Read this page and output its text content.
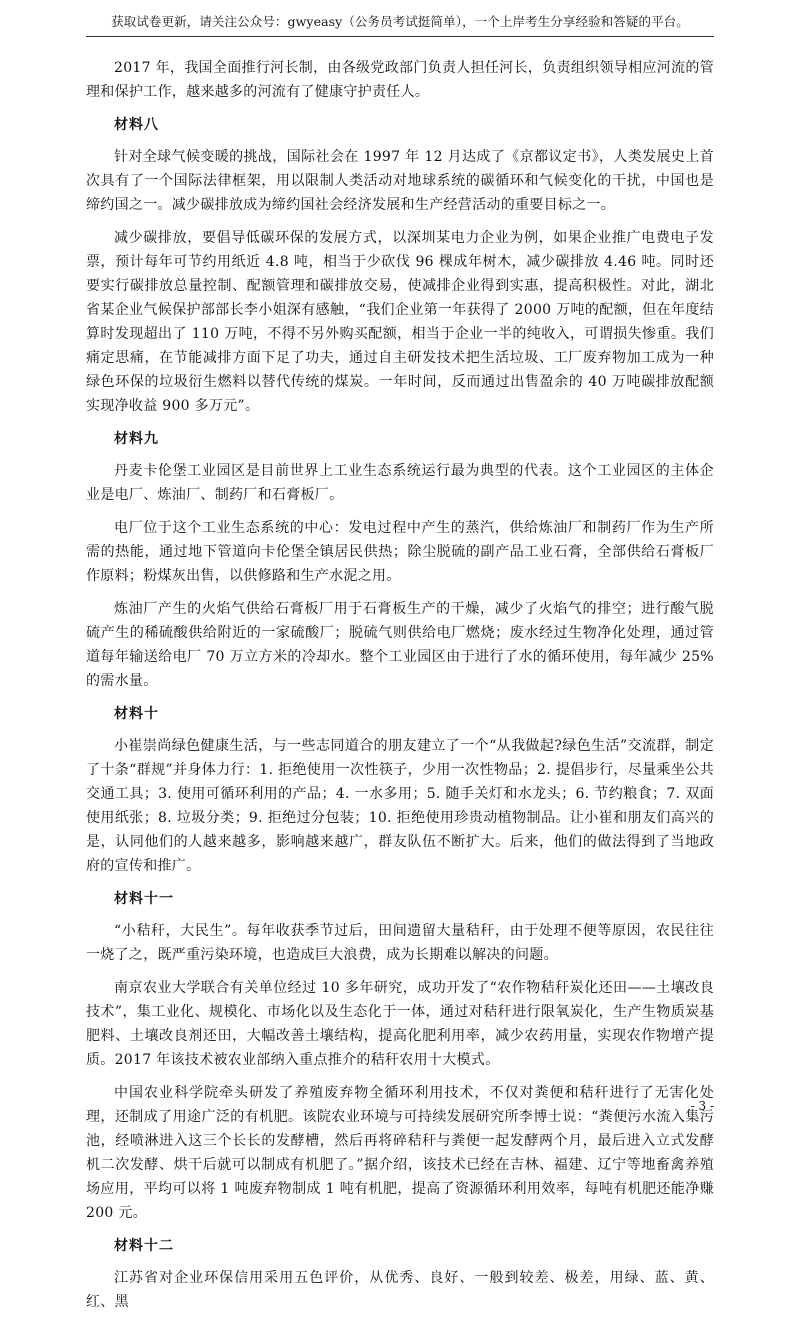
获取试卷更新，请关注公众号：gwyeasy（公务员考试挺简单），一个上岸考生分享经验和答疑的平台。

2017 年，我国全面推行河长制，由各级党政部门负责人担任河长，负责组织领导相应河流的管理和保护工作，越来越多的河流有了健康守护责任人。

材料八

针对全球气候变暖的挑战，国际社会在 1997 年 12 月达成了《京都议定书》，人类发展史上首次具有了一个国际法律框架，用以限制人类活动对地球系统的碳循环和气候变化的干扰，中国也是缔约国之一。减少碳排放成为缔约国社会经济发展和生产经营活动的重要目标之一。

减少碳排放，要倡导低碳环保的发展方式，以深圳某电力企业为例，如果企业推广电费电子发票，预计每年可节约用纸近 4.8 吨，相当于少砍伐 96 棵成年树木，减少碳排放 4.46 吨。同时还要实行碳排放总量控制、配额管理和碳排放交易，使减排企业得到实惠，提高积极性。对此，湖北省某企业气候保护部部长李小姐深有感触，“我们企业第一年获得了 2000 万吨的配额，但在年度结算时发现超出了 110 万吨，不得不另外购买配额，相当于企业一半的纯收入，可谓损失惨重。我们痛定思痛，在节能减排方面下足了功夫，通过自主研发技术把生活垃圾、工厂废弃物加工成为一种绿色环保的垃圾衍生燃料以替代传统的煤炭。一年时间，反而通过出售盈余的 40 万吨碳排放配额实现净收益 900 多万元”。

材料九

丹麦卡伦堡工业园区是目前世界上工业生态系统运行最为典型的代表。这个工业园区的主体企业是电厂、炼油厂、制药厂和石膏板厂。

电厂位于这个工业生态系统的中心：发电过程中产生的蒸汽，供给炼油厂和制药厂作为生产所需的热能，通过地下管道向卡伦堡全镇居民供热；除尘脱硫的副产品工业石膏，全部供给石膏板厂作原料；粉煤灰出售，以供修路和生产水泥之用。

炼油厂产生的火焰气供给石膏板厂用于石膏板生产的干燥，减少了火焰气的排空；进行酸气脱硫产生的稀硫酸供给附近的一家硫酸厂；脱硫气则供给电厂燃烧；废水经过生物净化处理，通过管道每年输送给电厂 70 万立方米的冷却水。整个工业园区由于进行了水的循环使用，每年减少 25%的需水量。

材料十

小崔崇尚绿色健康生活，与一些志同道合的朋友建立了一个“从我做起?绿色生活”交流群，制定了十条“群规”并身体力行：1. 拒绝使用一次性筷子，少用一次性物品；2. 提倡步行，尽量乘坐公共交通工具；3. 使用可循环利用的产品；4. 一水多用；5. 随手关灯和水龙头；6. 节约粮食；7. 双面使用纸张；8. 垃圾分类；9. 拒绝过分包装；10. 拒绝使用珍贵动植物制品。让小崔和朋友们高兴的是，认同他们的人越来越多，影响越来越广，群友队伍不断扩大。后来，他们的做法得到了当地政府的宣传和推广。

材料十一

“小秸秆，大民生”。每年收获季节过后，田间遗留大量秸秆，由于处理不便等原因，农民往往一烧了之，既严重污染环境，也造成巨大浪费，成为长期难以解决的问题。

南京农业大学联合有关单位经过 10 多年研究，成功开发了“农作物秸秆炭化还田——土壤改良技术”，集工业化、规模化、市场化以及生态化于一体，通过对秸秆进行限氧炭化，生产生物质炭基肥料、土壤改良剂还田，大幅改善土壤结构，提高化肥利用率，减少农药用量，实现农作物增产提质。2017 年该技术被农业部纳入重点推介的秸秆农用十大模式。

中国农业科学院牵头研发了养殖废弃物全循环利用技术，不仅对粪便和秸秆进行了无害化处理，还制成了用途广泛的有机肥。该院农业环境与可持续发展研究所李博士说：“粪便污水流入集污池，经喷淋进入这三个长长的发酵槽，然后再将碎秸秆与粪便一起发酵两个月，最后进入立式发酵机二次发酵、烘干后就可以制成有机肥了。”据介绍，该技术已经在吉林、福建、辽宁等地畜禽养殖场应用，平均可以将 1 吨废弃物制成 1 吨有机肥，提高了资源循环利用效率，每吨有机肥还能净赚 200 元。

材料十二

江苏省对企业环保信用采用五色评价，从优秀、良好、一般到较差、极差，用绿、蓝、黄、红、黑

- 3 -
